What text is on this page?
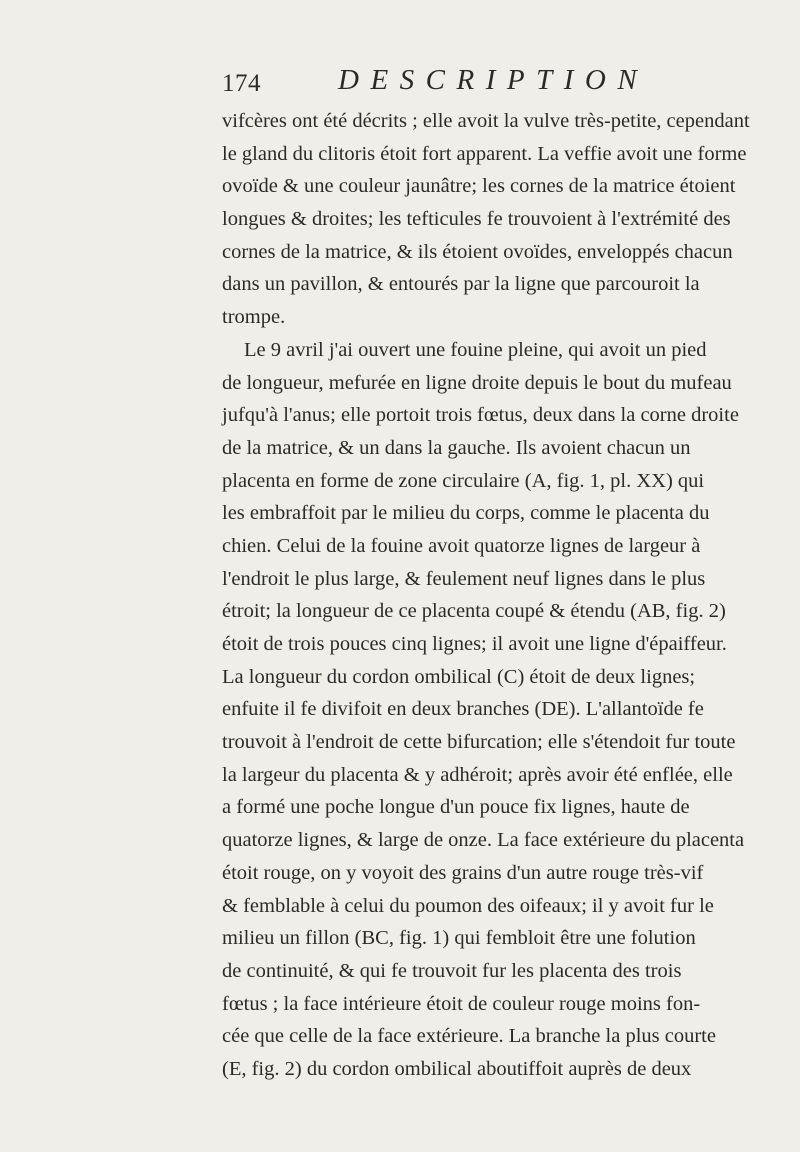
174	DESCRIPTION
vifcères ont été décrits ; elle avoit la vulve très-petite, cependant
le gland du clitoris étoit fort apparent. La veffie avoit une forme
ovoïde & une couleur jaunâtre; les cornes de la matrice étoient
longues & droites; les tefticules fe trouvoient à l'extrémité des
cornes de la matrice, & ils étoient ovoïdes, enveloppés chacun
dans un pavillon, & entourés par la ligne que parcouroit la
trompe.
Le 9 avril j'ai ouvert une fouine pleine, qui avoit un pied
de longueur, mefurée en ligne droite depuis le bout du mufeau
jufqu'à l'anus; elle portoit trois fœtus, deux dans la corne droite
de la matrice, & un dans la gauche. Ils avoient chacun un
placenta en forme de zone circulaire (A, fig. 1, pl. XX) qui
les embraffoit par le milieu du corps, comme le placenta du
chien. Celui de la fouine avoit quatorze lignes de largeur à
l'endroit le plus large, & feulement neuf lignes dans le plus
étroit; la longueur de ce placenta coupé & étendu (AB, fig. 2)
étoit de trois pouces cinq lignes; il avoit une ligne d'épaiffeur.
La longueur du cordon ombilical (C) étoit de deux lignes;
enfuite il fe divifoit en deux branches (DE). L'allantoïde fe
trouvoit à l'endroit de cette bifurcation; elle s'étendoit fur toute
la largeur du placenta & y adhéroit; après avoir été enflée, elle
a formé une poche longue d'un pouce fix lignes, haute de
quatorze lignes, & large de onze. La face extérieure du placenta
étoit rouge, on y voyoit des grains d'un autre rouge très-vif
& femblable à celui du poumon des oifeaux; il y avoit fur le
milieu un fillon (BC, fig. 1) qui fembloit être une folution
de continuité, & qui fe trouvoit fur les placenta des trois
fœtus ; la face intérieure étoit de couleur rouge moins fon-
cée que celle de la face extérieure. La branche la plus courte
(E, fig. 2) du cordon ombilical aboutiffoit auprès de deux
